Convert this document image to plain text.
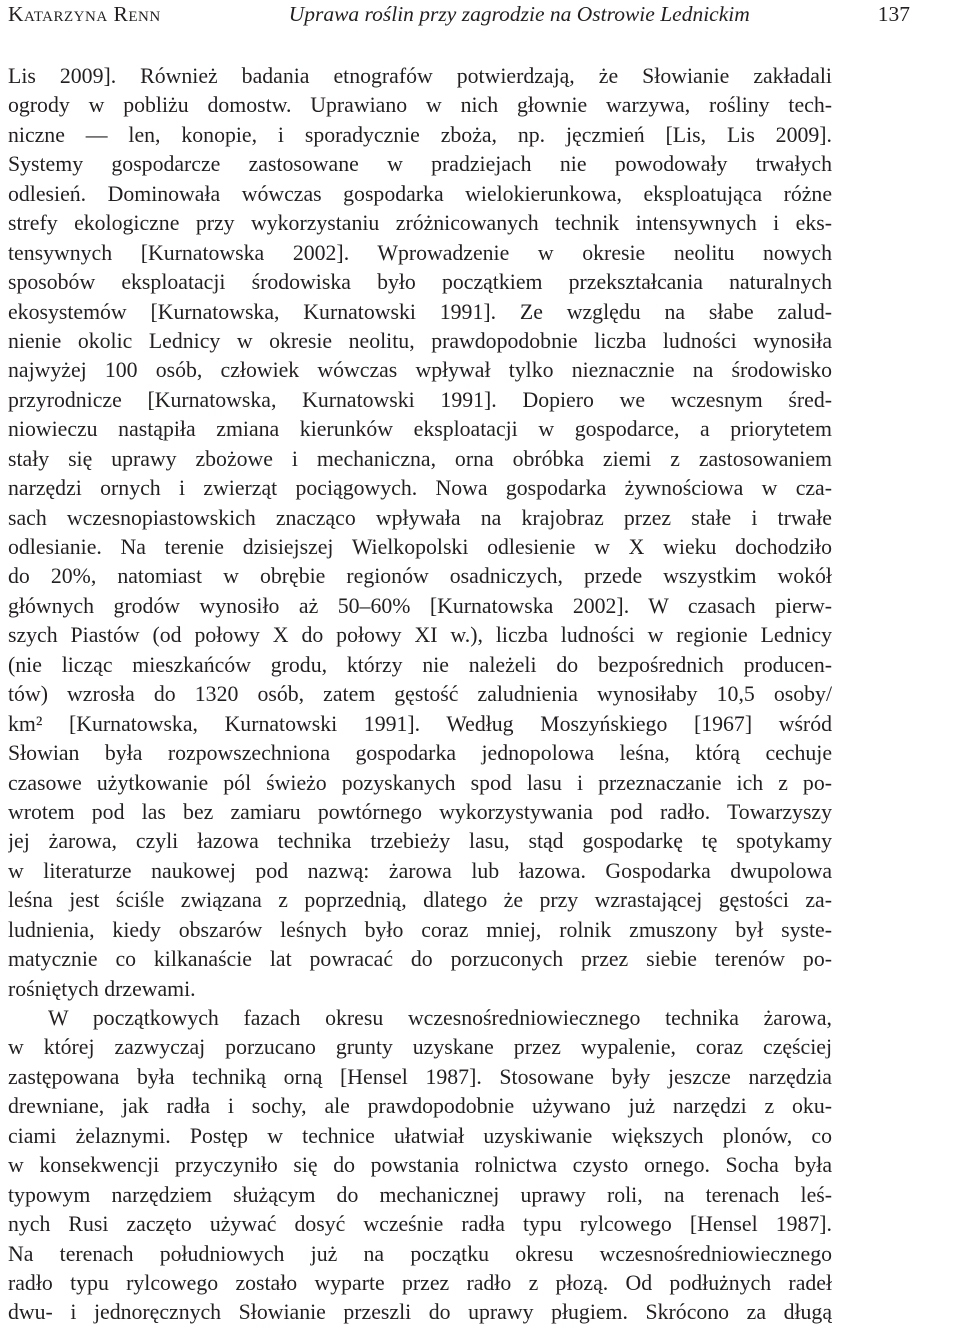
Katarzyna Renn	Uprawa roślin przy zagrodzie na Ostrowie Lednickim	137
Lis 2009]. Również badania etnografów potwierdzają, że Słowianie zakładali
ogrody w pobliżu domostw. Uprawiano w nich głownie warzywa, rośliny tech-
niczne — len, konopie, i sporadycznie zboża, np. jęczmień [Lis, Lis 2009].
Systemy gospodarcze zastosowane w pradziejach nie powodowały trwałych
odlesień. Dominowała wówczas gospodarka wielokierunkowa, eksploatująca różne
strefy ekologiczne przy wykorzystaniu zróżnicowanych technik intensywnych i eks-
tensywnych [Kurnatowska 2002]. Wprowadzenie w okresie neolitu nowych
sposobów eksploatacji środowiska było początkiem przekształcania naturalnych
ekosystemów [Kurnatowska, Kurnatowski 1991]. Ze względu na słabe zalud-
nienie okolic Lednicy w okresie neolitu, prawdopodobnie liczba ludności wynosiła
najwyżej 100 osób, człowiek wówczas wpływał tylko nieznacznie na środowisko
przyrodnicze [Kurnatowska, Kurnatowski 1991]. Dopiero we wczesnym śred-
niowieczu nastąpiła zmiana kierunków eksploatacji w gospodarce, a priorytetem
stały się uprawy zbożowe i mechaniczna, orna obróbka ziemi z zastosowaniem
narzędzi ornych i zwierząt pociągowych. Nowa gospodarka żywnościowa w cza-
sach wczesnopiastowskich znacząco wpływała na krajobraz przez stałe i trwałe
odlesianie. Na terenie dzisiejszej Wielkopolski odlesienie w X wieku dochodziło
do 20%, natomiast w obrębie regionów osadniczych, przede wszystkim wokół
głównych grodów wynosiło aż 50–60% [Kurnatowska 2002]. W czasach pierw-
szych Piastów (od połowy X do połowy XI w.), liczba ludności w regionie Lednicy
(nie licząc mieszkańców grodu, którzy nie należeli do bezpośrednich producen-
tów) wzrosła do 1320 osób, zatem gęstość zaludnienia wynosiłaby 10,5 osoby/
km² [Kurnatowska, Kurnatowski 1991]. Według Moszyńskiego [1967] wśród
Słowian była rozpowszechniona gospodarka jednopolowa leśna, którą cechuje
czasowe użytkowanie pól świeżo pozyskanych spod lasu i przeznaczanie ich z po-
wrotem pod las bez zamiaru powtórnego wykorzystywania pod radło. Towarzyszy
jej żarowa, czyli łazowa technika trzebieży lasu, stąd gospodarkę tę spotykamy
w literaturze naukowej pod nazwą: żarowa lub łazowa. Gospodarka dwupolowa
leśna jest ściśle związana z poprzednią, dlatego że przy wzrastającej gęstości za-
ludnienia, kiedy obszarów leśnych było coraz mniej, rolnik zmuszony był syste-
matycznie co kilkanaście lat powracać do porzuconych przez siebie terenów po-
rośniętych drzewami.
W początkowych fazach okresu wczesnośredniowiecznego technika żarowa,
w której zazwyczaj porzucano grunty uzyskane przez wypalenie, coraz częściej
zastępowana była techniką orną [Hensel 1987]. Stosowane były jeszcze narzędzia
drewniane, jak radła i sochy, ale prawdopodobnie używano już narzędzi z oku-
ciami żelaznymi. Postęp w technice ułatwiał uzyskiwanie większych plonów, co
w konsekwencji przyczyniło się do powstania rolnictwa czysto ornego. Socha była
typowym narzędziem służącym do mechanicznej uprawy roli, na terenach leś-
nych Rusi zaczęto używać dosyć wcześnie radła typu rylcowego [Hensel 1987].
Na terenach południowych już na początku okresu wczesnośredniowiecznego
radło typu rylcowego zostało wyparte przez radło z płozą. Od podłużnych radeł
dwu- i jednoręcznych Słowianie przeszli do uprawy pługiem. Skrócono za długą
